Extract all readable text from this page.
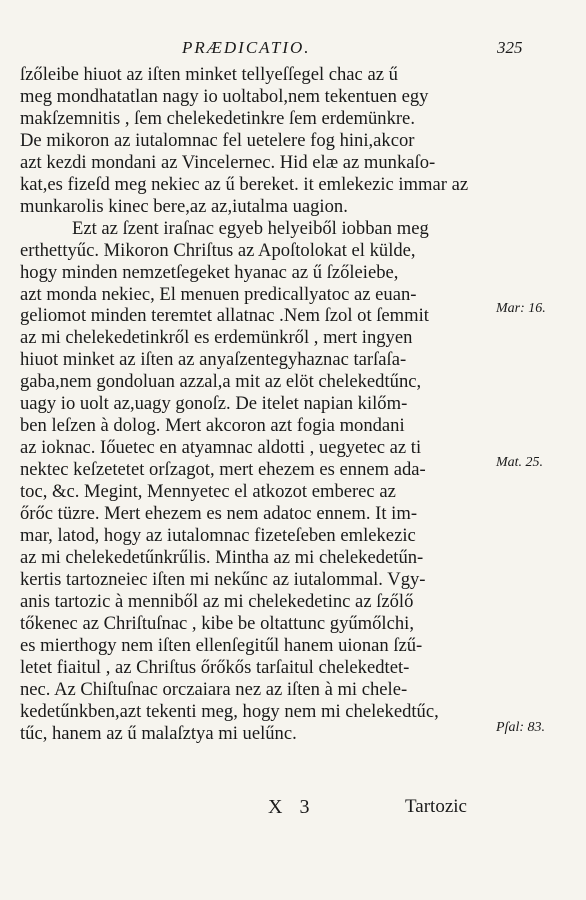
PRÆDICATIO.	325
ſzőleibe hiuot az iſten minket tellyeſſegel chac az ű
meg mondhatatlan nagy io uoltabol,nem tekentuen egy
makſzemnitis , ſem chelekedetinkre ſem erdemünkre.
De mikoron az iutalomnac fel uetelere fog hini,akcor
azt kezdi mondani az Vincelernec. Hid elæ az munkaſo-
kat,es fizeſd meg nekiec az ű bereket. it emlekezic immar az
munkarolis kinec bere,az az,iutalma uagion.
Ezt az ſzent iraſnac egyeb helyeiből iobban meg
erthettyűc. Mikoron Chriſtus az Apoſtolokat el külde,
hogy minden nemzetſegeket hyanac az ű ſzőleiebe,
azt monda nekiec, El menuen predicallyatoc az euan-
geliomot minden teremtet allatnac .Nem ſzol ot ſemmit
az mi chelekedetinkről es erdemünkről , mert ingyen
hiuot minket az iſten az anyaſzentegyhaznac tarſaſa-
gaba,nem gondoluan azzal,a mit az elöt chelekedtűnc,
uagy io uolt az,uagy gonoſz. De itelet napian kilőm-
ben leſzen à dolog. Mert akcoron azt fogia mondani
az ioknac. Iőuetec en atyamnac aldotti , uegyetec az ti
nektec keſzetetet orſzagot, mert ehezem es ennem ada-
toc, &c. Megint, Mennyetec el atkozot emberec az
őrőc tüzre. Mert ehezem es nem adatoc ennem. It im-
mar, latod, hogy az iutalomnac fizeteſeben emlekezic
az mi chelekedetűnkrűlis. Mintha az mi chelekedetűn-
kertis tartozneiec iſten mi nekűnc az iutalommal. Vgy-
anis tartozic à menniből az mi chelekedetinc az ſzőlő
tőkenec az Chriſtuſnac , kibe be oltattunc gyűmőlchi,
es mierthogy nem iſten ellenſegitűl hanem uionan ſzű-
letet fiaitul , az Chriſtus őrőkős tarſaitul chelekedtet-
nec. Az Chiſtuſnac orczaiara nez az iſten à mi chele-
kedetűnkben,azt tekenti meg, hogy nem mi chelekedtűc,
tűc, hanem az ű malaſztya mi uelűnc.
Mar: 16.
Mat. 25.
Pſal: 83.
X 3	Tartozic
